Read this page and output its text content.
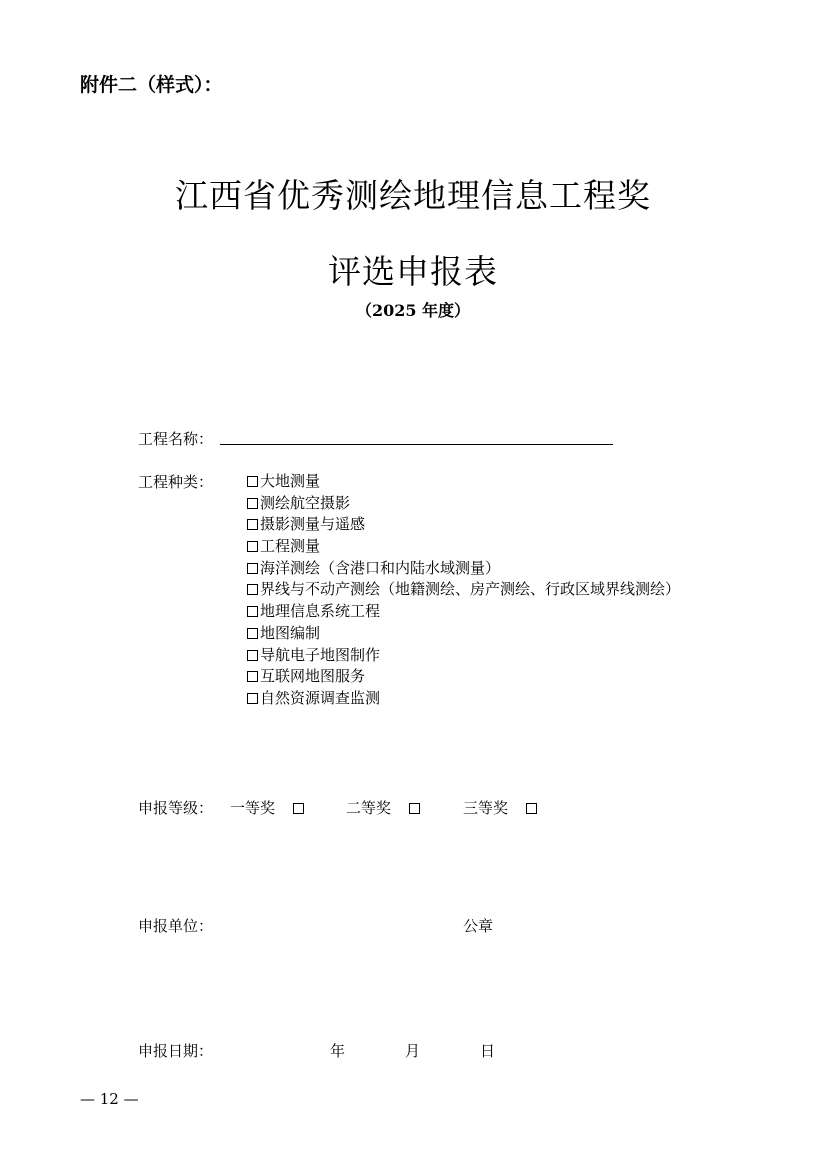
附件二（样式）：
江西省优秀测绘地理信息工程奖
评选申报表
（2025 年度）
工程名称：
工程种类：	大地测量
测绘航空摄影
摄影测量与遥感
工程测量
海洋测绘（含港口和内陆水域测量）
界线与不动产测绘（地籍测绘、房产测绘、行政区域界线测绘）
地理信息系统工程
地图编制
导航电子地图制作
互联网地图服务
自然资源调查监测
申报等级： 一等奖	二等奖	三等奖
申报单位：	公章
申报日期：	年	月	日
— 12 —
